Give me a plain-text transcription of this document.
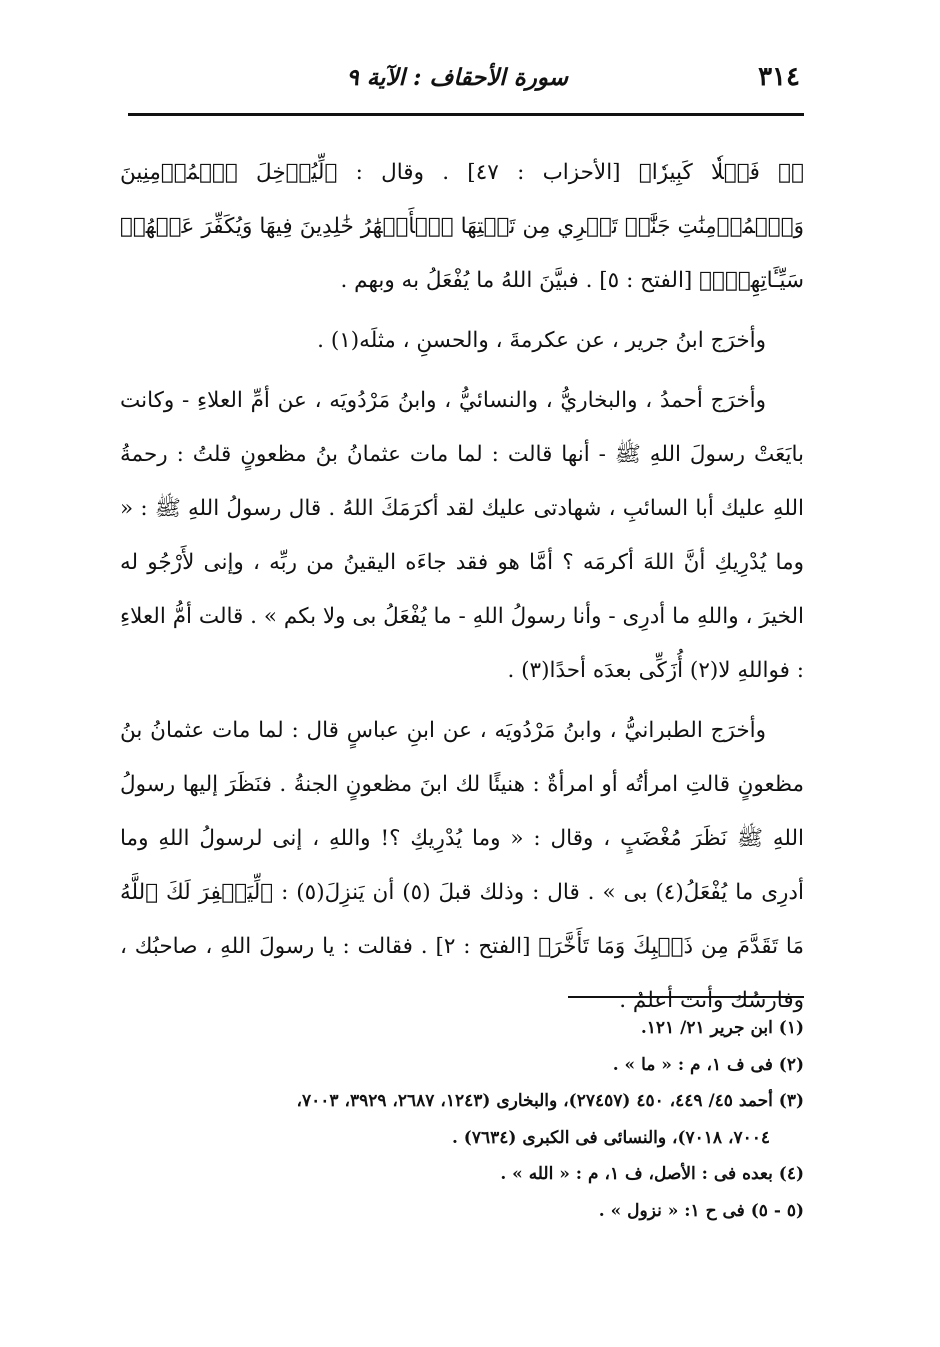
٣١٤
سورة الأحقاف : الآية ٩

ﷲِ فَضۡلٗا كَبِيرٗا﴾ [الأحزاب : ٤٧] . وقال : ﴿لِّيُدۡخِلَ ٱلۡمُؤۡمِنِينَ وَٱلۡمُؤۡمِنَٰتِ جَنَّٰتٖ تَجۡرِي مِن تَحۡتِهَا ٱلۡأَنۡهَٰرُ خَٰلِدِينَ فِيهَا وَيُكَفِّرَ عَنۡهُمۡ سَيِّـَٔاتِهِمۡۚ﴾ [الفتح : ٥] . فبيَّنَ اللهُ ما يُفْعَلُ به وبهم .

وأخرَج ابنُ جرير ، عن عكرمةَ ، والحسنِ ، مثلَه(١) .

وأخرَج أحمدُ ، والبخاريُّ ، والنسائيُّ ، وابنُ مَرْدُويَه ، عن أمِّ العلاءِ - وكانت بايَعَتْ رسولَ اللهِ ﷺ - أنها قالت : لما مات عثمانُ بنُ مظعونٍ قلتُ : رحمةُ اللهِ عليك أبا السائبِ ، شهادتى عليك لقد أكرَمَكَ اللهُ . قال رسولُ اللهِ ﷺ : « وما يُدْرِيكِ أنَّ اللهَ أكرمَه ؟ أمَّا هو فقد جاءَه اليقينُ من ربِّه ، وإنى لأَرْجُو له الخيرَ ، واللهِ ما أدرِى - وأنا رسولُ اللهِ - ما يُفْعَلُ بى ولا بكم » . قالت أمُّ العلاءِ : فواللهِ لا(٢) أُزَكِّى بعدَه أحدًا(٣) .

وأخرَج الطبرانيُّ ، وابنُ مَرْدُويَه ، عن ابنِ عباسٍ قال : لما مات عثمانُ بنُ مظعونٍ قالتِ امرأتُه أو امرأةٌ : هنيئًا لك ابنَ مظعونٍ الجنةُ . فنَظَرَ إليها رسولُ اللهِ ﷺ نَظَرَ مُغْضَبٍ ، وقال : « وما يُدْرِيكِ ؟! واللهِ ، إنى لرسولُ اللهِ وما أدرِى ما يُفْعَلُ(٤) بى » . قال : وذلك قبلَ (٥) أن يَنزِلَ(٥) : ﴿لِّيَغۡفِرَ لَكَ ٱللَّهُ مَا تَقَدَّمَ مِن ذَنۢبِكَ وَمَا تَأَخَّرَ﴾ [الفتح : ٢] . فقالت : يا رسولَ اللهِ ، صاحبُك ، وفارسُك وأنت أعلمُ .

(١) ابن جرير ٢١/ ١٢١.

(٢) فى ف ١، م : « ما » .

(٣) أحمد ٤٥/ ٤٤٩، ٤٥٠ (٢٧٤٥٧)، والبخارى (١٢٤٣، ٢٦٨٧، ٣٩٢٩، ٧٠٠٣،
٧٠٠٤، ٧٠١٨)، والنسائى فى الكبرى (٧٦٣٤) .

(٤) بعده فى : الأصل، ف ١، م : « الله » .

(٥ - ٥) فى ح ١: « نزول » .
